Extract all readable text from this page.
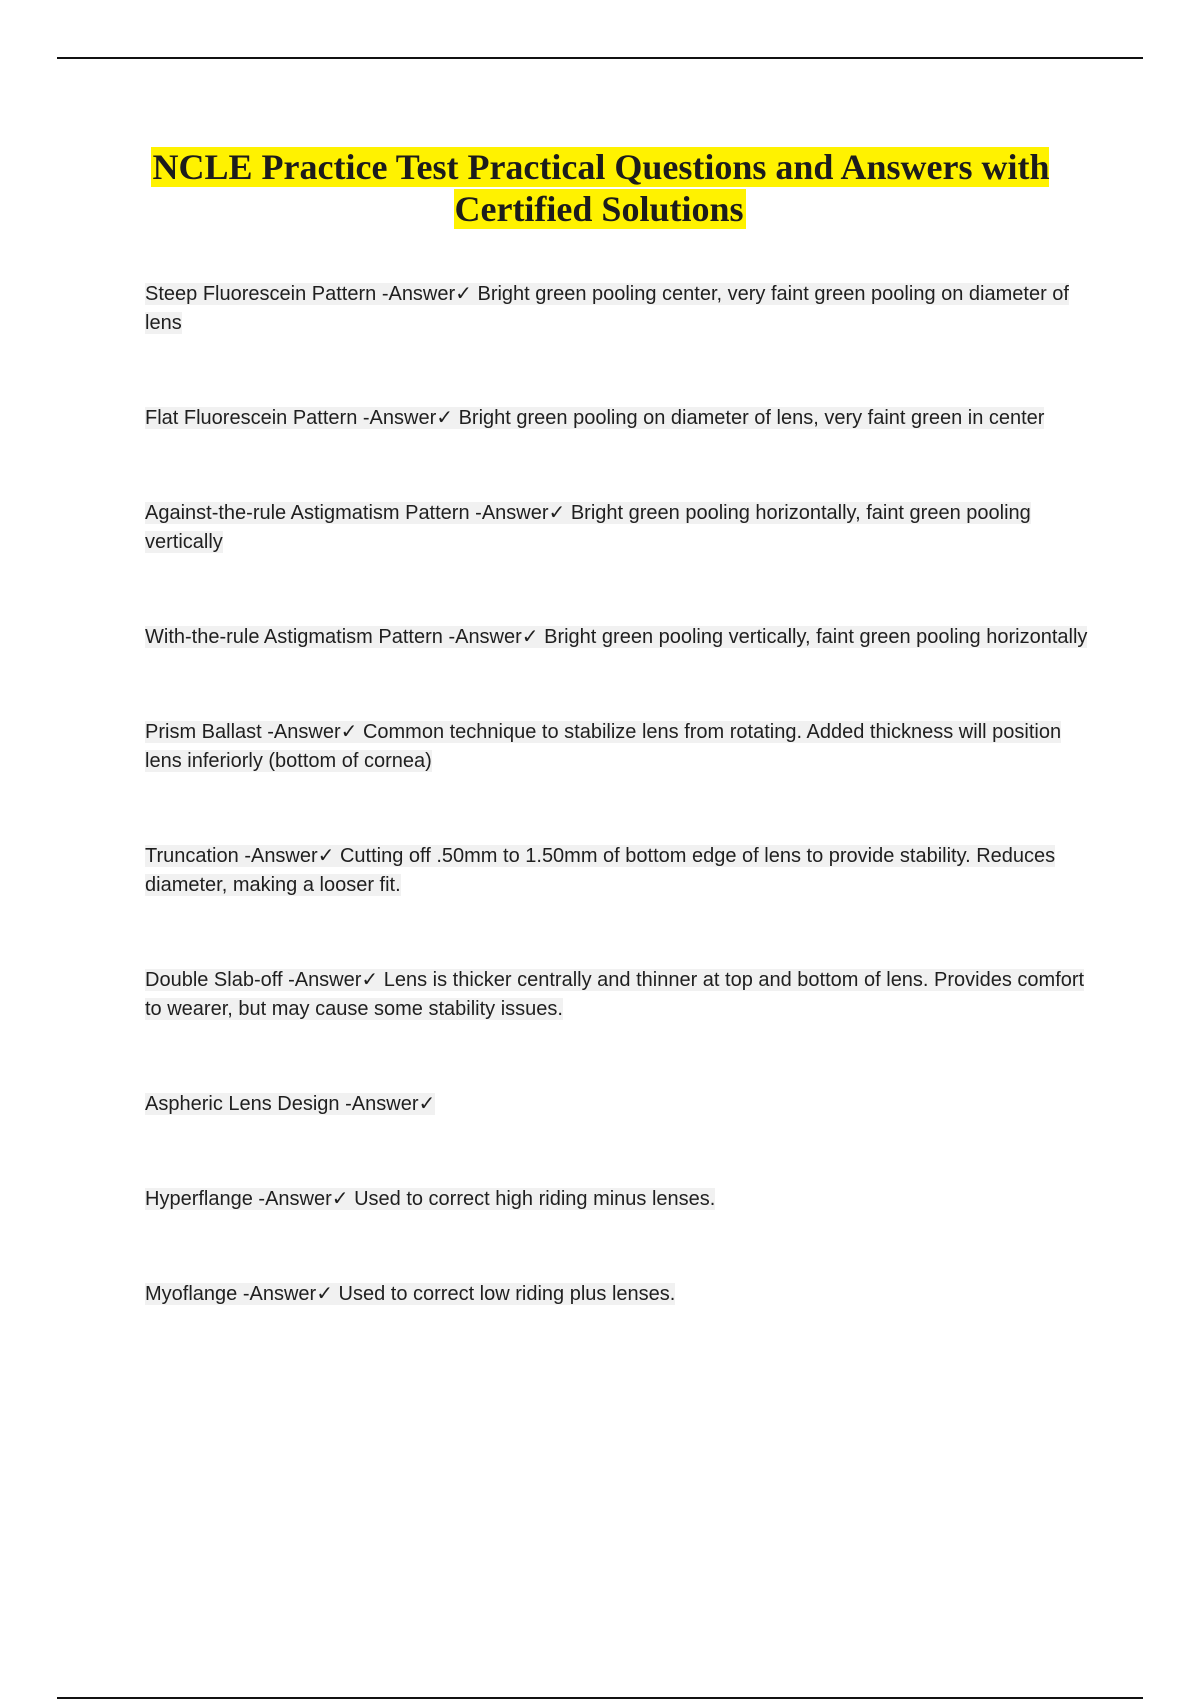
NCLE Practice Test Practical Questions and Answers with Certified Solutions
Steep Fluorescein Pattern -Answer✓ Bright green pooling center, very faint green pooling on diameter of lens
Flat Fluorescein Pattern -Answer✓ Bright green pooling on diameter of lens, very faint green in center
Against-the-rule Astigmatism Pattern -Answer✓ Bright green pooling horizontally, faint green pooling vertically
With-the-rule Astigmatism Pattern -Answer✓ Bright green pooling vertically, faint green pooling horizontally
Prism Ballast -Answer✓ Common technique to stabilize lens from rotating. Added thickness will position lens inferiorly (bottom of cornea)
Truncation -Answer✓ Cutting off .50mm to 1.50mm of bottom edge of lens to provide stability. Reduces diameter, making a looser fit.
Double Slab-off -Answer✓ Lens is thicker centrally and thinner at top and bottom of lens. Provides comfort to wearer, but may cause some stability issues.
Aspheric Lens Design -Answer✓
Hyperflange -Answer✓ Used to correct high riding minus lenses.
Myoflange -Answer✓ Used to correct low riding plus lenses.
